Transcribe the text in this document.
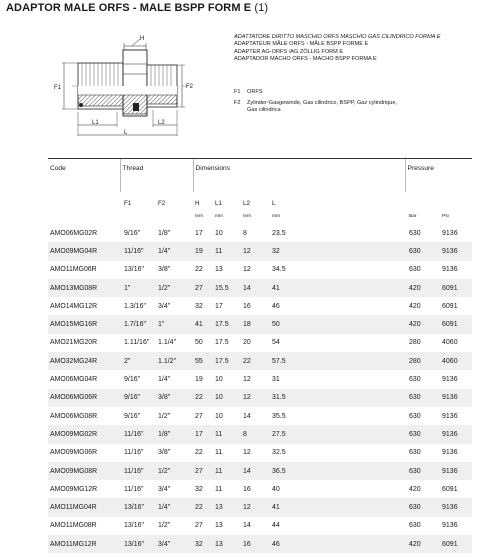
ADAPTOR MALE ORFS - MALE BSPP FORM E (1)
H
F1	F2
L1	L2
L
ADATTATORE DIRITTO MASCHIO ORFS MASCHIO GAS CILINDRICO FORMA E
ADAPTATEUR MÂLE ORFS - MÂLE BSPP FORME E
ADAPTER AG-ORFS /AG ZÖLLIG FORM E
ADAPTADOR MACHO ORFS - MACHO BSPP FORMA E
F1	ORFS
F2	Zylinder-Gasgewinde, Gas cilindrico, BSPP, Gaz cylindrique,
Gas cilindrica
Code	Thread		Dimensions				Pressure	
	F1	F2	H	L1	L2	L		
			mm	mm	mm	mm	Bar	Psi
AMO06MG02R	9/16"	1/8"	17	10	8	23.5	630	9136
AMO09MG04R	11/16"	1/4"	19	11	12	32	630	9136
AMO11MG06R	13/16"	3/8"	22	13	12	34.5	630	9136
AMO13MG08R	1"	1/2"	27	15.5	14	41	420	6091
AMO14MG12R	1.3/16"	3/4"	32	17	16	46	420	6091
AMO15MG16R	1.7/16"	1"	41	17.5	18	50	420	6091
AMO21MG20R	1.11/16"	1.1/4"	50	17.5	20	54	280	4060
AMO32MG24R	2"	1.1/2"	55	17.5	22	57.5	280	4060
AMO06MG04R	9/16"	1/4"	19	10	12	31	630	9136
AMO06MG06R	9/16"	3/8"	22	10	12	31.5	630	9136
AMO06MG08R	9/16"	1/2"	27	10	14	35.5	630	9136
AMO09MG02R	11/16"	1/8"	17	11	8	27.5	630	9136
AMO09MG06R	11/16"	3/8"	22	11	12	32.5	630	9136
AMO09MG08R	11/16"	1/2"	27	11	14	36.5	630	9136
AMO09MG12R	11/16"	3/4"	32	11	16	40	420	6091
AMO11MG04R	13/16"	1/4"	22	13	12	41	630	9136
AMO11MG08R	13/16"	1/2"	27	13	14	44	630	9136
AMO11MG12R	13/16"	3/4"	32	13	16	46	420	6091
